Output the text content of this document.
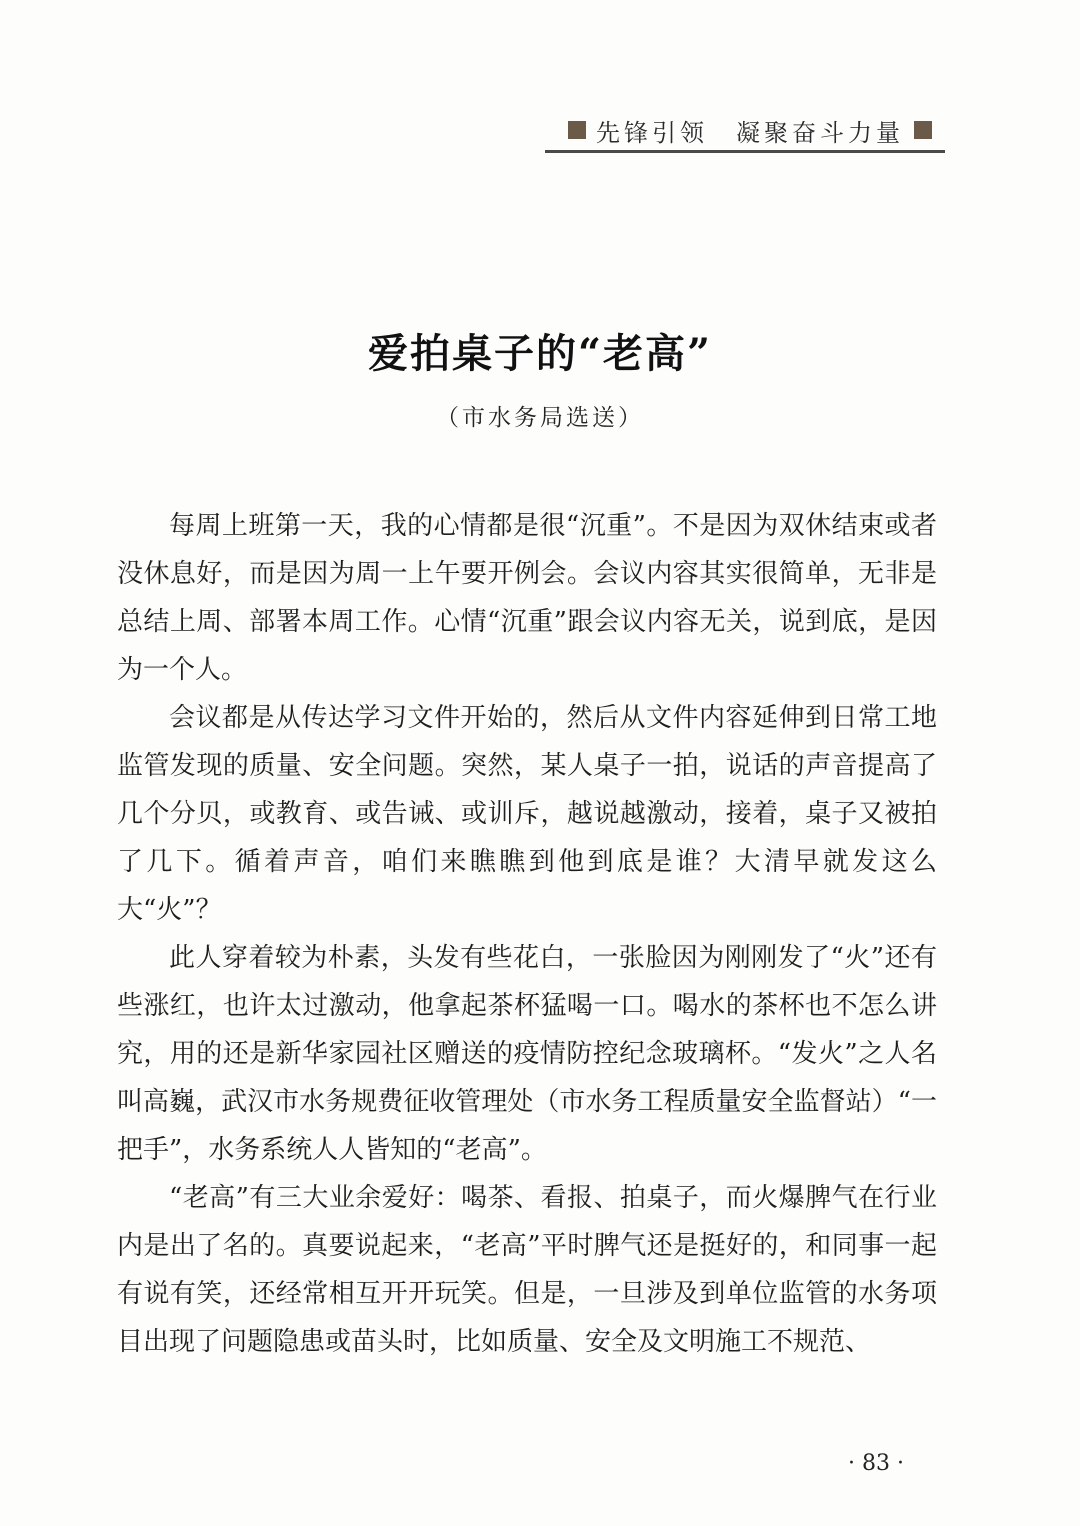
先锋引领　凝聚奋斗力量
爱拍桌子的“老高”
（市水务局选送）

每周上班第一天，我的心情都是很“沉重”。不是因为双休结束或者没休息好，而是因为周一上午要开例会。会议内容其实很简单，无非是总结上周、部署本周工作。心情“沉重”跟会议内容无关，说到底，是因为一个人。

会议都是从传达学习文件开始的，然后从文件内容延伸到日常工地监管发现的质量、安全问题。突然，某人桌子一拍，说话的声音提高了几个分贝，或教育、或告诫、或训斥，越说越激动，接着，桌子又被拍了几下。循着声音，咱们来瞧瞧到他到底是谁？大清早就发这么大“火”？

此人穿着较为朴素，头发有些花白，一张脸因为刚刚发了“火”还有些涨红，也许太过激动，他拿起茶杯猛喝一口。喝水的茶杯也不怎么讲究，用的还是新华家园社区赠送的疫情防控纪念玻璃杯。“发火”之人名叫高巍，武汉市水务规费征收管理处（市水务工程质量安全监督站）“一把手”，水务系统人人皆知的“老高”。

“老高”有三大业余爱好：喝茶、看报、拍桌子，而火爆脾气在行业内是出了名的。真要说起来，“老高”平时脾气还是挺好的，和同事一起有说有笑，还经常相互开开玩笑。但是，一旦涉及到单位监管的水务项目出现了问题隐患或苗头时，比如质量、安全及文明施工不规范、

· 83 ·
